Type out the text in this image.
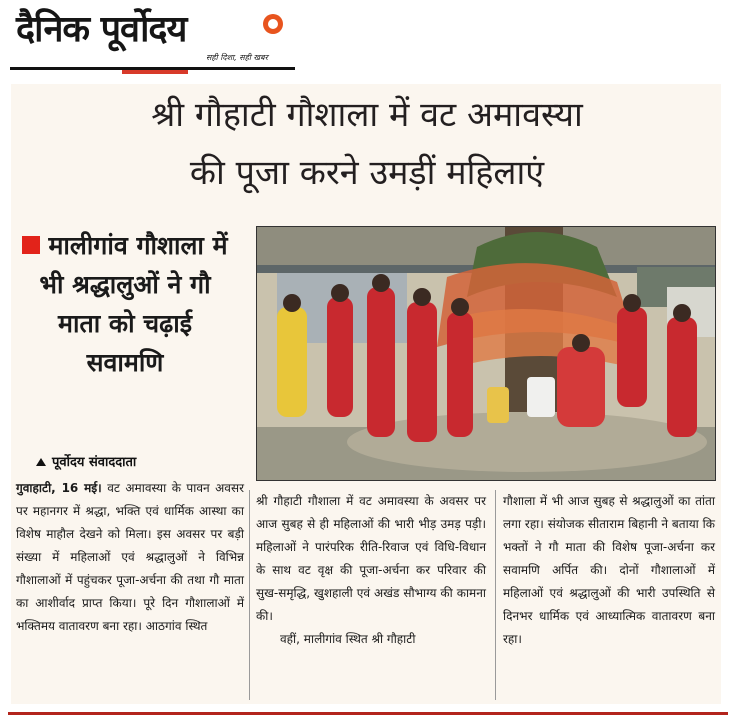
दैनिक पूर्वोदय
सही दिशा, सही खबर
श्री गौहाटी गौशाला में वट अमावस्या
की पूजा करने उमड़ीं महिलाएं
मालीगांव गौशाला में भी श्रद्धालुओं ने गौ माता को चढ़ाई सवामणि
पूर्वोदय संवाददाता
गुवाहाटी, 16 मई। वट अमावस्या के पावन अवसर पर महानगर में श्रद्धा, भक्ति एवं धार्मिक आस्था का विशेष माहौल देखने को मिला। इस अवसर पर बड़ी संख्या में महिलाओं एवं श्रद्धालुओं ने विभिन्न गौशालाओं में पहुंचकर पूजा-अर्चना की तथा गौ माता का आशीर्वाद प्राप्त किया। पूरे दिन गौशालाओं में भक्तिमय वातावरण बना रहा। आठगांव स्थित
श्री गौहाटी गौशाला में वट अमावस्या के अवसर पर आज सुबह से ही महिलाओं की भारी भीड़ उमड़ पड़ी। महिलाओं ने पारंपरिक रीति-रिवाज एवं विधि-विधान के साथ वट वृक्ष की पूजा-अर्चना कर परिवार की सुख-समृद्धि, खुशहाली एवं अखंड सौभाग्य की कामना की।
वहीं, मालीगांव स्थित श्री गौहाटी
गौशाला में भी आज सुबह से श्रद्धालुओं का तांता लगा रहा। संयोजक सीताराम बिहानी ने बताया कि भक्तों ने गौ माता की विशेष पूजा-अर्चना कर सवामणि अर्पित की। दोनों गौशालाओं में महिलाओं एवं श्रद्धालुओं की भारी उपस्थिति से दिनभर धार्मिक एवं आध्यात्मिक वातावरण बना रहा।
